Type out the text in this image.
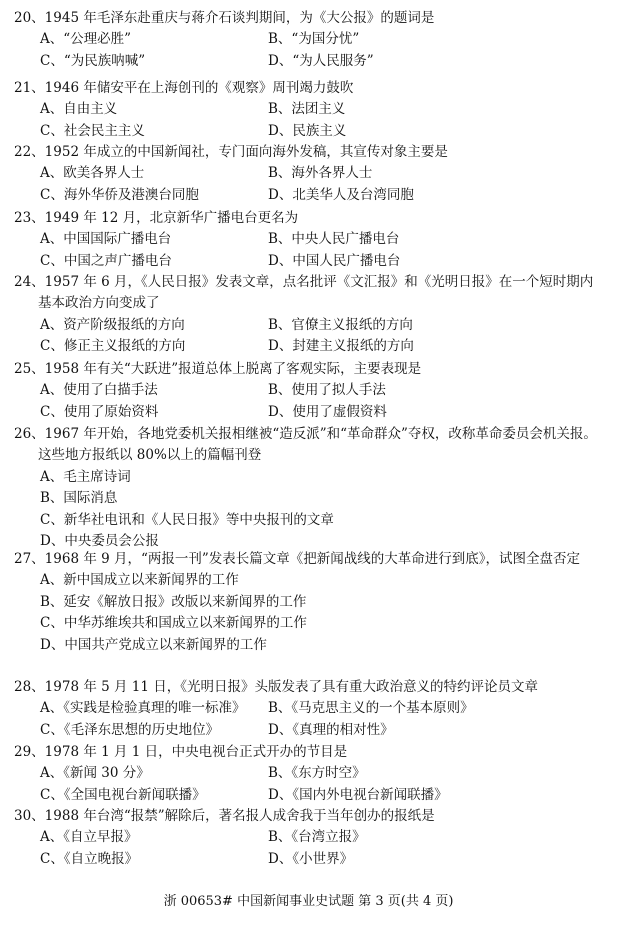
20、1945 年毛泽东赴重庆与蒋介石谈判期间，为《大公报》的题词是
A、“公理必胜”	B、“为国分忧”
C、“为民族呐喊”	D、“为人民服务”
21、1946 年储安平在上海创刊的《观察》周刊竭力鼓吹
A、自由主义	B、法团主义
C、社会民主主义	D、民族主义
22、1952 年成立的中国新闻社，专门面向海外发稿，其宣传对象主要是
A、欧美各界人士	B、海外各界人士
C、海外华侨及港澳台同胞	D、北美华人及台湾同胞
23、1949 年 12 月，北京新华广播电台更名为
A、中国国际广播电台	B、中央人民广播电台
C、中国之声广播电台	D、中国人民广播电台
24、1957 年 6 月，《人民日报》发表文章，点名批评《文汇报》和《光明日报》在一个短时期内基本政治方向变成了
A、资产阶级报纸的方向	B、官僚主义报纸的方向
C、修正主义报纸的方向	D、封建主义报纸的方向
25、1958 年有关“大跃进”报道总体上脱离了客观实际，主要表现是
A、使用了白描手法	B、使用了拟人手法
C、使用了原始资料	D、使用了虚假资料
26、1967 年开始，各地党委机关报相继被“造反派”和“革命群众”夺权，改称革命委员会机关报。这些地方报纸以 80%以上的篇幅刊登
A、毛主席诗词
B、国际消息
C、新华社电讯和《人民日报》等中央报刊的文章
D、中央委员会公报
27、1968 年 9 月，“两报一刊”发表长篇文章《把新闻战线的大革命进行到底》，试图全盘否定
A、新中国成立以来新闻界的工作
B、延安《解放日报》改版以来新闻界的工作
C、中华苏维埃共和国成立以来新闻界的工作
D、中国共产党成立以来新闻界的工作
28、1978 年 5 月 11 日，《光明日报》头版发表了具有重大政治意义的特约评论员文章
A、《实践是检验真理的唯一标准》	B、《马克思主义的一个基本原则》
C、《毛泽东思想的历史地位》	D、《真理的相对性》
29、1978 年 1 月 1 日，中央电视台正式开办的节目是
A、《新闻 30 分》	B、《东方时空》
C、《全国电视台新闻联播》	D、《国内外电视台新闻联播》
30、1988 年台湾“报禁”解除后，著名报人成舍我于当年创办的报纸是
A、《自立早报》	B、《台湾立报》
C、《自立晚报》	D、《小世界》
浙 00653# 中国新闻事业史试题 第 3 页(共 4 页)
